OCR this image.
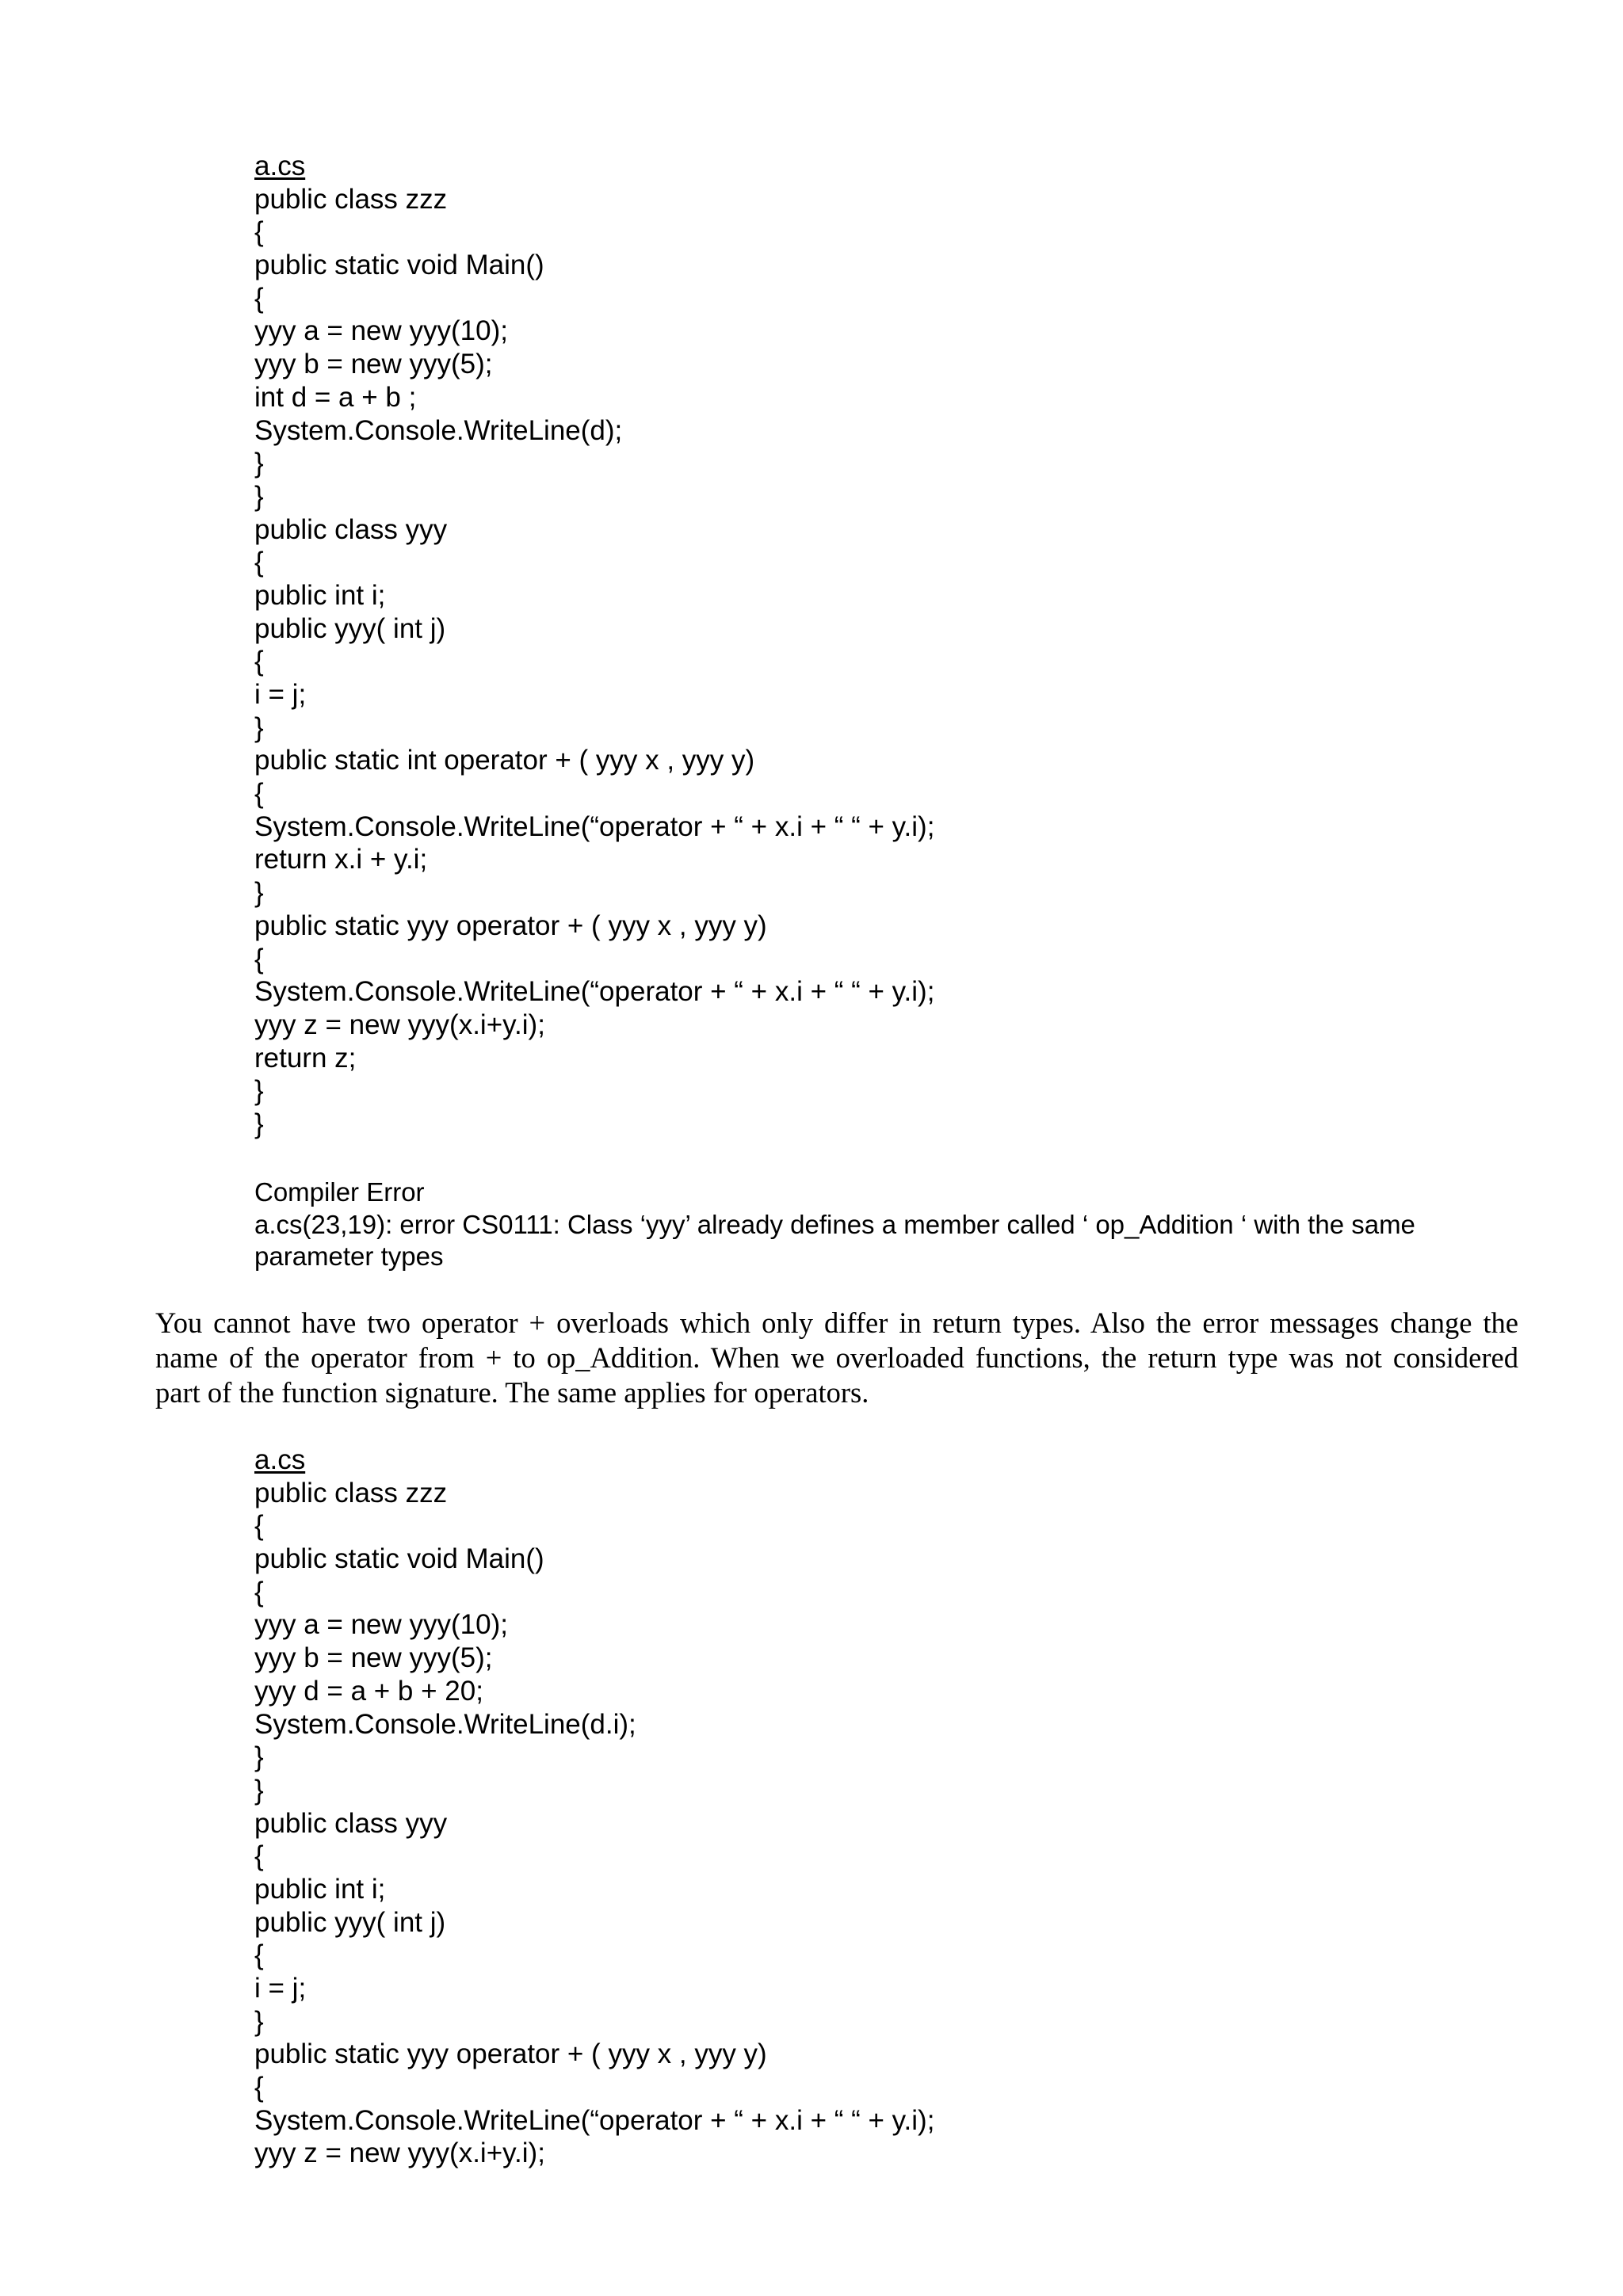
a.cs
public class zzz
{
public static void Main()
{
yyy a = new yyy(10);
yyy b = new yyy(5);
int d = a + b ;
System.Console.WriteLine(d);
}
}
public class yyy
{
public int i;
public yyy( int j)
{
i = j;
}
public static int operator + ( yyy x , yyy y)
{
System.Console.WriteLine(“operator + “ + x.i + “ “ + y.i);
return x.i + y.i;
}
public static yyy operator + ( yyy x , yyy y)
{
System.Console.WriteLine(“operator + “ + x.i + “ “ + y.i);
yyy z = new yyy(x.i+y.i);
return z;
}
}
Compiler Error
a.cs(23,19): error CS0111: Class ‘yyy’ already defines a member called ‘ op_Addition ‘ with the same
parameter types
You cannot have two operator + overloads which only differ in return types. Also the error messages change the
name of the operator from + to op_Addition. When we overloaded functions, the return type was not considered
part of the function signature. The same applies for operators.
a.cs
public class zzz
{
public static void Main()
{
yyy a = new yyy(10);
yyy b = new yyy(5);
yyy d = a + b + 20;
System.Console.WriteLine(d.i);
}
}
public class yyy
{
public int i;
public yyy( int j)
{
i = j;
}
public static yyy operator + ( yyy x , yyy y)
{
System.Console.WriteLine(“operator + “ + x.i + “ “ + y.i);
yyy z = new yyy(x.i+y.i);
